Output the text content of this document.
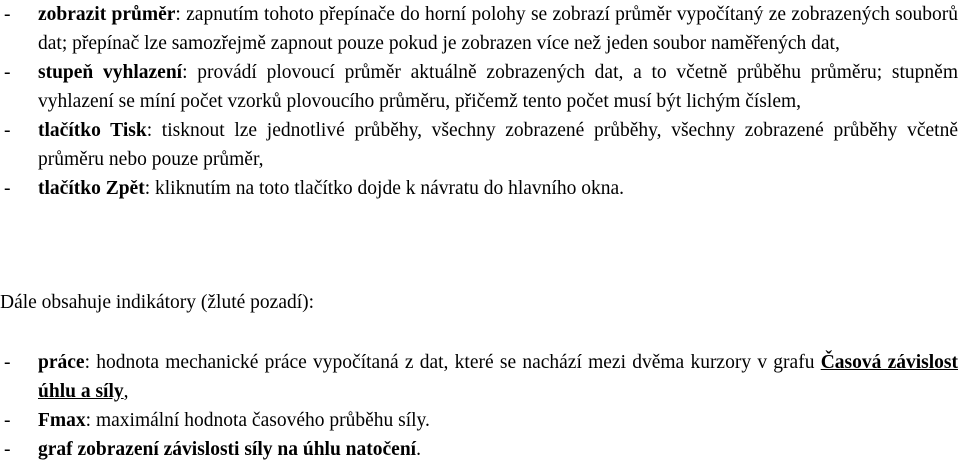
- zobrazit průměr: zapnutím tohoto přepínače do horní polohy se zobrazí průměr vypočítaný ze zobrazených souborů dat; přepínač lze samozřejmě zapnout pouze pokud je zobrazen více než jeden soubor naměřených dat,
- stupeň vyhlazení: provádí plovoucí průměr aktuálně zobrazených dat, a to včetně průběhu průměru; stupněm vyhlazení se míní počet vzorků plovoucího průměru, přičemž tento počet musí být lichým číslem,
- tlačítko Tisk: tisknout lze jednotlivé průběhy, všechny zobrazené průběhy, všechny zobrazené průběhy včetně průměru nebo pouze průměr,
- tlačítko Zpět: kliknutím na toto tlačítko dojde k návratu do hlavního okna.
Dále obsahuje indikátory (žluté pozadí):
- práce: hodnota mechanické práce vypočítaná z dat, které se nachází mezi dvěma kurzory v grafu Časová závislost úhlu a síly,
- Fmax: maximální hodnota časového průběhu síly.
- graf zobrazení závislosti síly na úhlu natočení.
